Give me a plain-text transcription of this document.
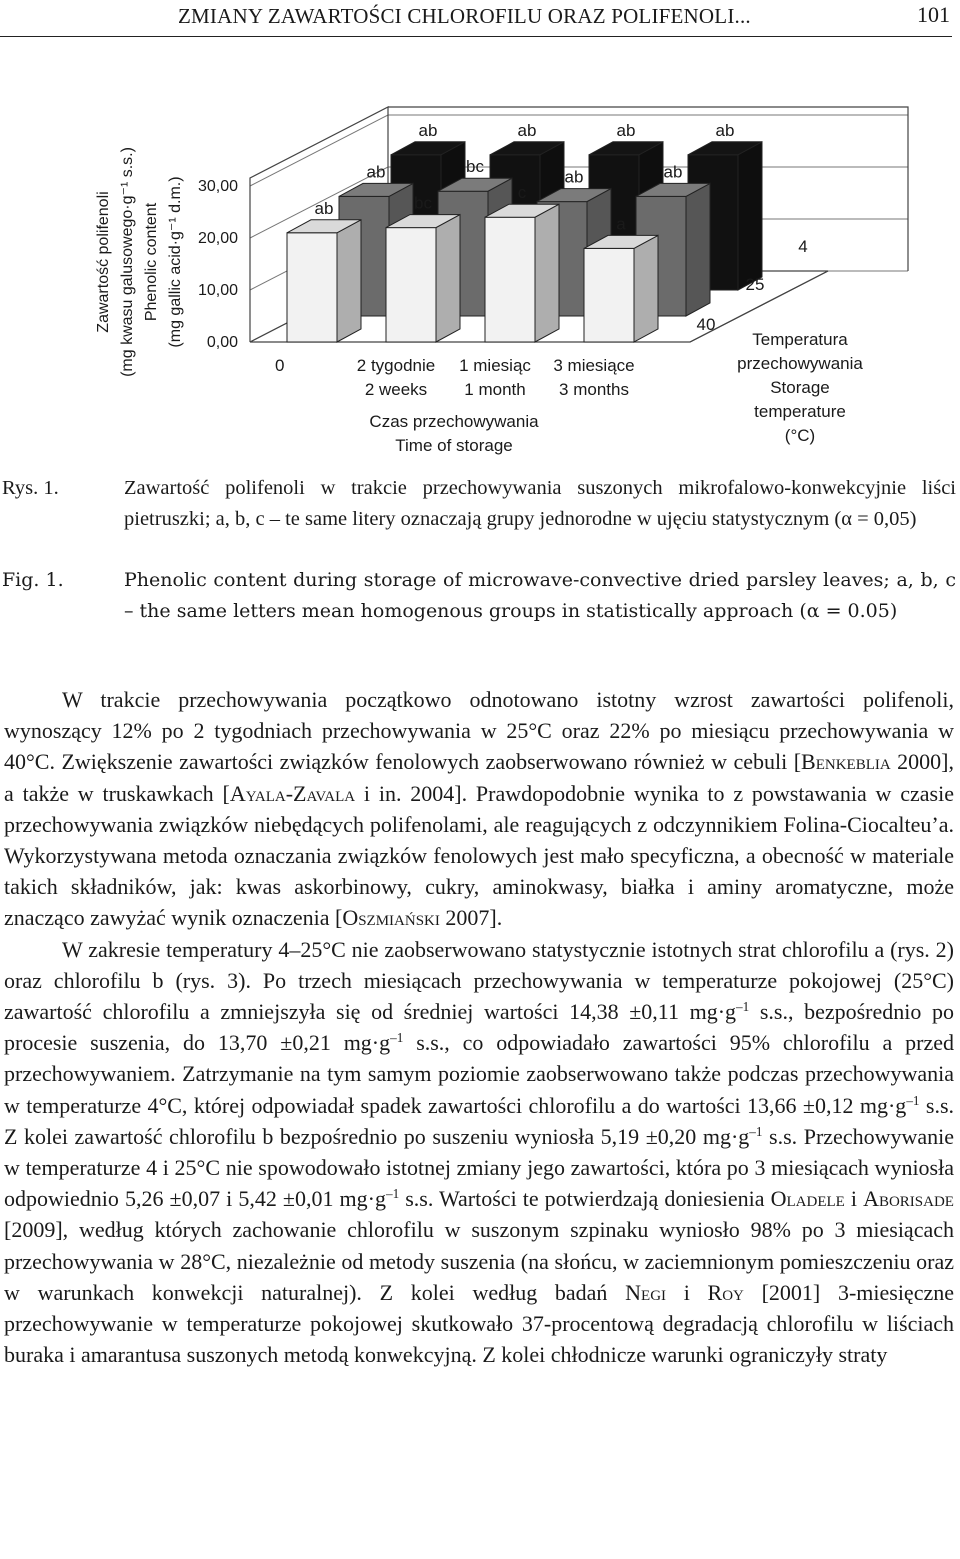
ZMIANY ZAWARTOŚCI CHLOROFILU ORAZ POLIFENOLI...	101
Zawartość polifenoli (mg kwasu galusowego·g⁻¹ s.s.) Phenolic content (mg gallic acid·g⁻¹ d.m.)
Czas przechowywania
Time of storage
Temperatura
przechowywania
Storage
temperature
(°C)
0,00
10,00
20,00
30,00
ab	ab	ab	ab
ab	bc
ab	ab
ab	bc
c
a
0	2 tygodnie
2 weeks
1 miesiąc
1 month
3 miesiące
3 months
40
25
4
Rys. 1.	Zawartość polifenoli w trakcie przechowywania suszonych mikrofalowo-konwekcyjnie liści pietruszki; a, b, c – te same litery oznaczają grupy jednorodne w ujęciu statystycznym (α = 0,05)
Fig. 1.	Phenolic content during storage of microwave-convective dried parsley leaves; a, b, c – the same letters mean homogenous groups in statistically approach (α = 0.05)

W trakcie przechowywania początkowo odnotowano istotny wzrost zawartości polifenoli, wynoszący 12% po 2 tygodniach przechowywania w 25°C oraz 22% po miesiącu przechowywania w 40°C. Zwiększenie zawartości związków fenolowych zaobserwowano również w cebuli [Benkeblia 2000], a także w truskawkach [Ayala-Zavala i in. 2004]. Prawdopodobnie wynika to z powstawania w czasie przechowywania związków niebędących polifenolami, ale reagujących z odczynnikiem Folina-Ciocalteu’a. Wykorzystywana metoda oznaczania związków fenolowych jest mało specyficzna, a obecność w materiale takich składników, jak: kwas askorbinowy, cukry, aminokwasy, białka i aminy aromatyczne, może znacząco zawyżać wynik oznaczenia [Oszmiański 2007].

W zakresie temperatury 4–25°C nie zaobserwowano statystycznie istotnych strat chlorofilu a (rys. 2) oraz chlorofilu b (rys. 3). Po trzech miesiącach przechowywania w temperaturze pokojowej (25°C) zawartość chlorofilu a zmniejszyła się od średniej wartości 14,38 ±0,11 $mg\cdot g^{-1}$ s.s., bezpośrednio po procesie suszenia, do 13,70 ±0,21 $mg\cdot g^{-1}$ s.s., co odpowiadało zawartości 95% chlorofilu a przed przechowywaniem. Zatrzymanie na tym samym poziomie zaobserwowano także podczas przechowywania w temperaturze 4°C, której odpowiadał spadek zawartości chlorofilu a do wartości 13,66 ±0,12 $mg\cdot g^{-1}$ s.s. Z kolei zawartość chlorofilu b bezpośrednio po suszeniu wyniosła 5,19 ±0,20 $mg\cdot g^{-1}$ s.s. Przechowywanie w temperaturze 4 i 25°C nie spowodowało istotnej zmiany jego zawartości, która po 3 miesiącach wyniosła odpowiednio 5,26 ±0,07 i 5,42 ±0,01 $mg\cdot g^{-1}$ s.s. Wartości te potwierdzają doniesienia Oladele i Aborisade [2009], według których zachowanie chlorofilu w suszonym szpinaku wyniosło 98% po 3 miesiącach przechowywania w 28°C, niezależnie od metody suszenia (na słońcu, w zaciemnionym pomieszczeniu oraz w warunkach konwekcji naturalnej). Z kolei według badań Negi i Roy [2001] 3-miesięczne przechowywanie w temperaturze pokojowej skutkowało 37-procentową degradacją chlorofilu w liściach buraka i amarantusa suszonych metodą konwekcyjną. Z kolei chłodnicze warunki ograniczyły straty
